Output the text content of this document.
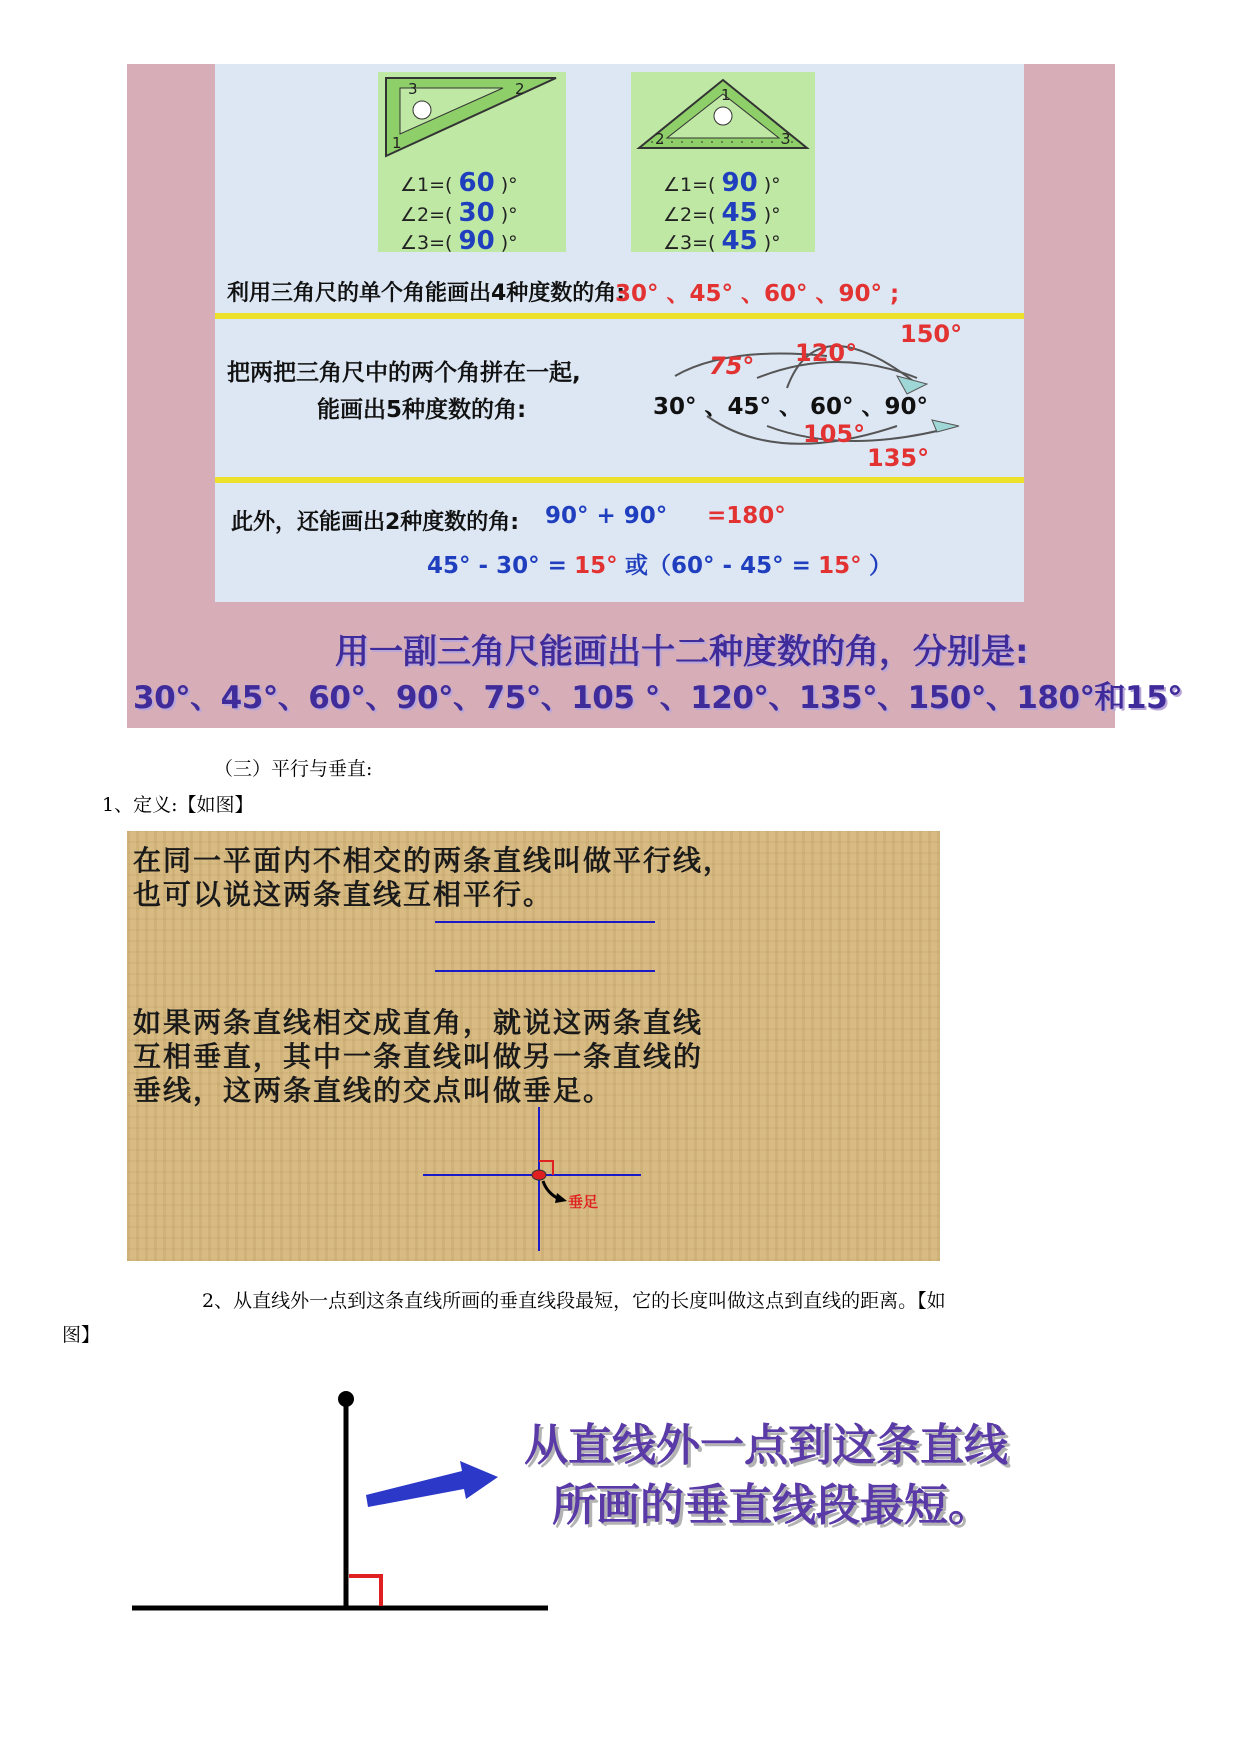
3	2
1
∠1=( 60 )°
∠2=( 30 )°
∠3=( 90 )°
1
2	3
∠1=( 90 )°
∠2=( 45 )°
∠3=( 45 )°
利用三角尺的单个角能画出4种度数的角:
30° 、45° 、60° 、90° ;
把两把三角尺中的两个角拼在一起,
能画出5种度数的角:	30° 、45° 、 60° 、90°
75° 120°
150°
105°
135°
此外，还能画出2种度数的角: 90° + 90° =180°
45° - 30° = 15° 或（60° - 45° = 15° ）
用一副三角尺能画出十二种度数的角，分别是:
30°、45°、60°、90°、75°、105 °、120°、135°、150°、180°和15°
（三）平行与垂直:
1、定义:【如图】
在同一平面内不相交的两条直线叫做平行线，
也可以说这两条直线互相平行。
如果两条直线相交成直角，就说这两条直线
互相垂直，其中一条直线叫做另一条直线的
垂线，这两条直线的交点叫做垂足。
垂足
2、从直线外一点到这条直线所画的垂直线段最短，它的长度叫做这点到直线的距离。【如
图】
从直线外一点到这条直线
所画的垂直线段最短。
